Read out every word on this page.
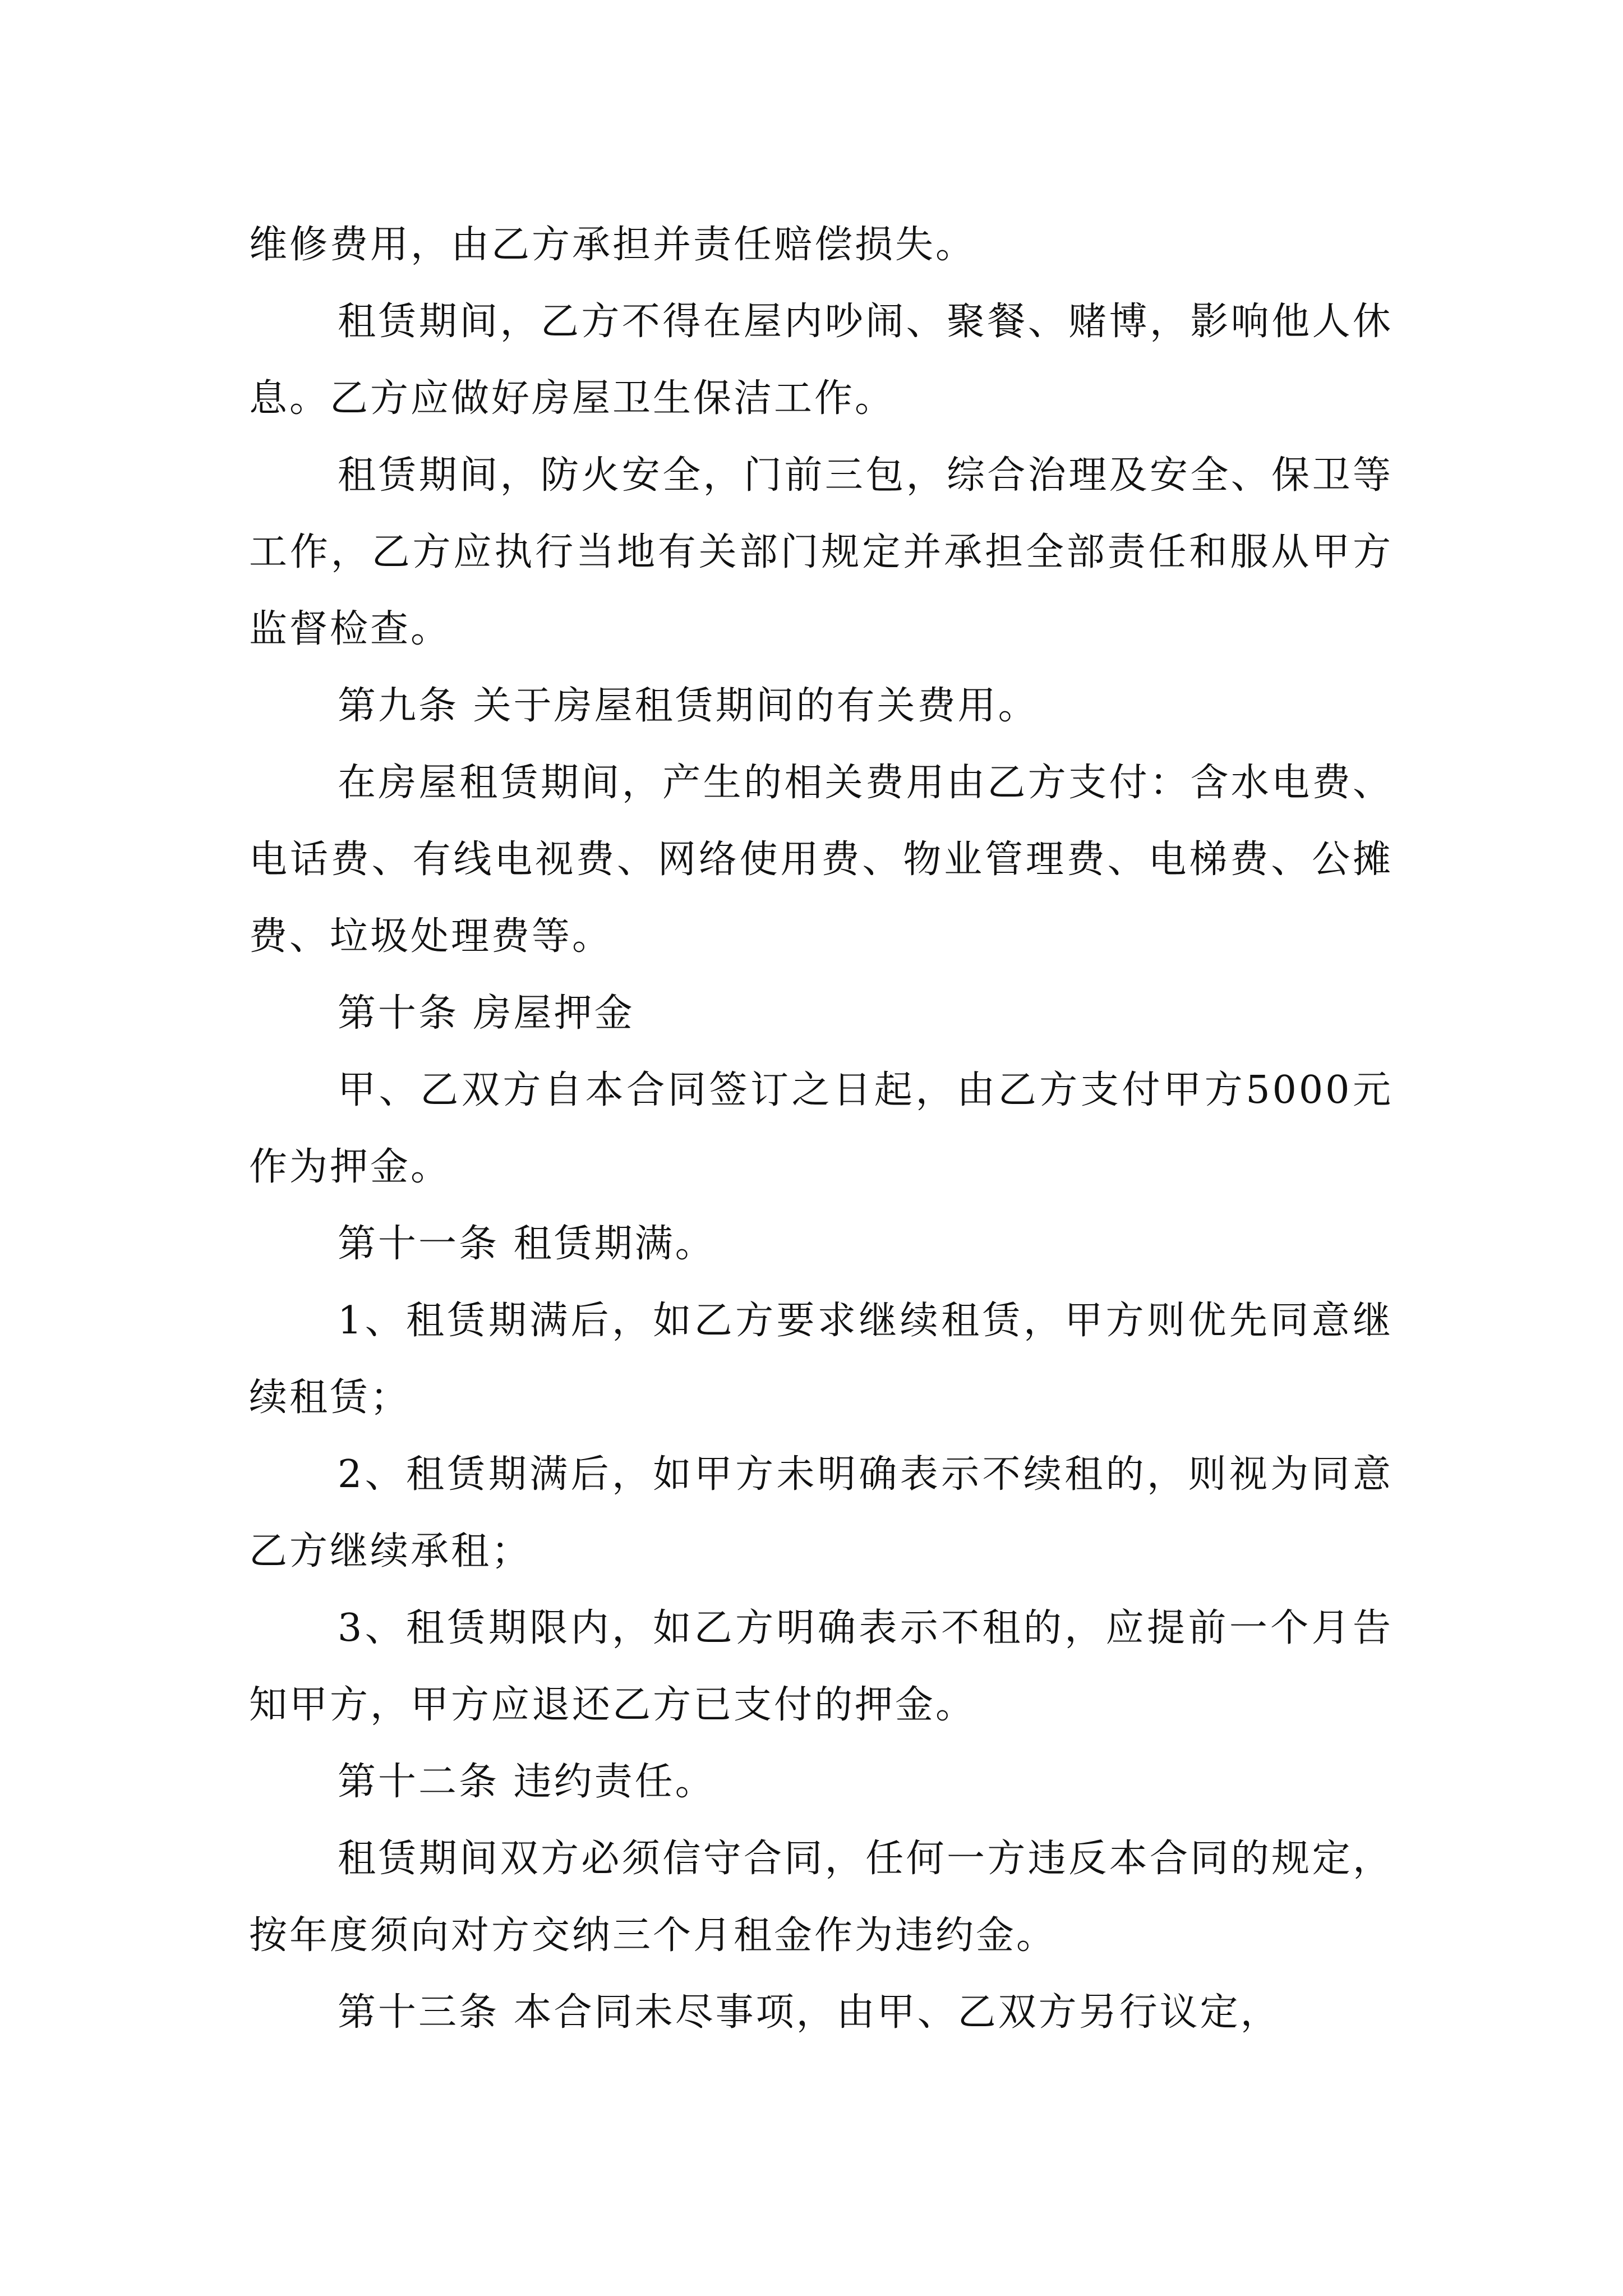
维修费用，由乙方承担并责任赔偿损失。

租赁期间，乙方不得在屋内吵闹、聚餐、赌博，影响他人休息。乙方应做好房屋卫生保洁工作。

租赁期间，防火安全，门前三包，综合治理及安全、保卫等工作，乙方应执行当地有关部门规定并承担全部责任和服从甲方监督检查。

第九条 关于房屋租赁期间的有关费用。

在房屋租赁期间，产生的相关费用由乙方支付：含水电费、电话费、有线电视费、网络使用费、物业管理费、电梯费、公摊费、垃圾处理费等。

第十条 房屋押金

甲、乙双方自本合同签订之日起，由乙方支付甲方5000元作为押金。

第十一条 租赁期满。

1、租赁期满后，如乙方要求继续租赁，甲方则优先同意继续租赁；

2、租赁期满后，如甲方未明确表示不续租的，则视为同意乙方继续承租；

3、租赁期限内，如乙方明确表示不租的，应提前一个月告知甲方，甲方应退还乙方已支付的押金。

第十二条 违约责任。

租赁期间双方必须信守合同，任何一方违反本合同的规定，按年度须向对方交纳三个月租金作为违约金。

第十三条 本合同未尽事项，由甲、乙双方另行议定，
